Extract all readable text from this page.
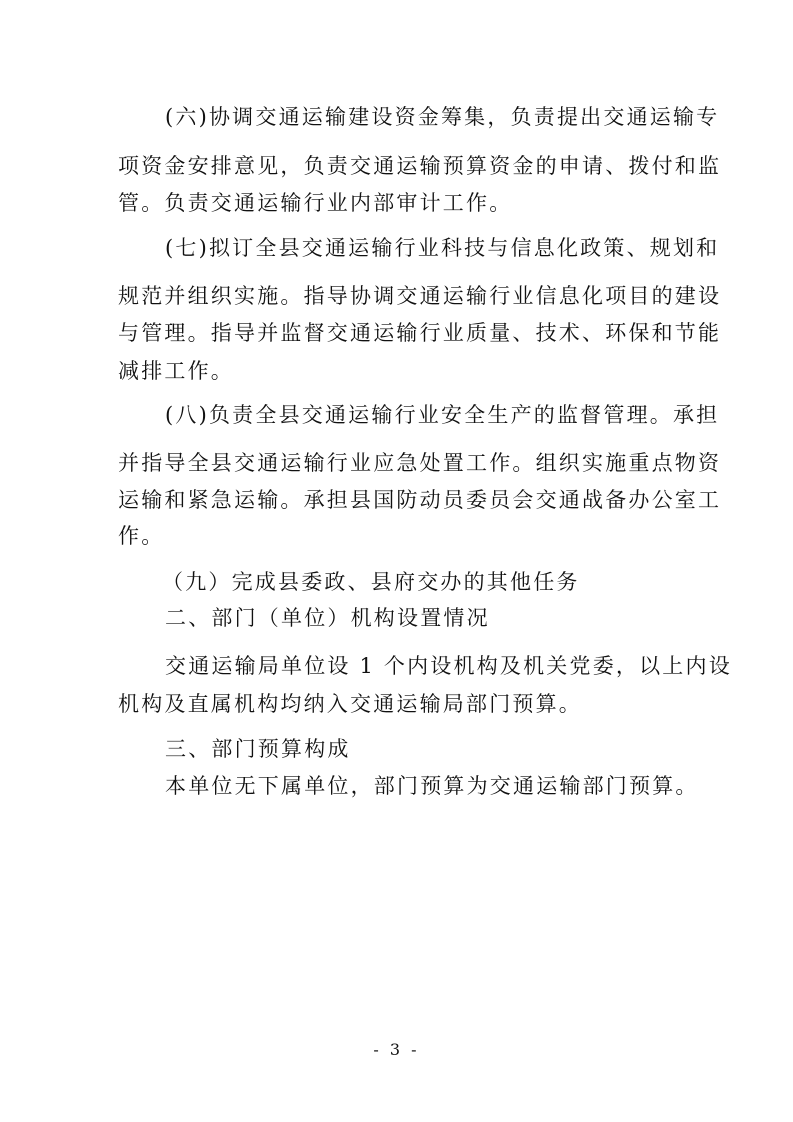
(六)协调交通运输建设资金筹集，负责提出交通运输专
项资金安排意见，负责交通运输预算资金的申请、拨付和监
管。负责交通运输行业内部审计工作。
(七)拟订全县交通运输行业科技与信息化政策、规划和
规范并组织实施。指导协调交通运输行业信息化项目的建设
与管理。指导并监督交通运输行业质量、技术、环保和节能
减排工作。
(八)负责全县交通运输行业安全生产的监督管理。承担
并指导全县交通运输行业应急处置工作。组织实施重点物资
运输和紧急运输。承担县国防动员委员会交通战备办公室工
作。
（九）完成县委政、县府交办的其他任务
二、部门（单位）机构设置情况
交通运输局单位设 1 个内设机构及机关党委，以上内设
机构及直属机构均纳入交通运输局部门预算。
三、部门预算构成
本单位无下属单位，部门预算为交通运输部门预算。
- 3 -
